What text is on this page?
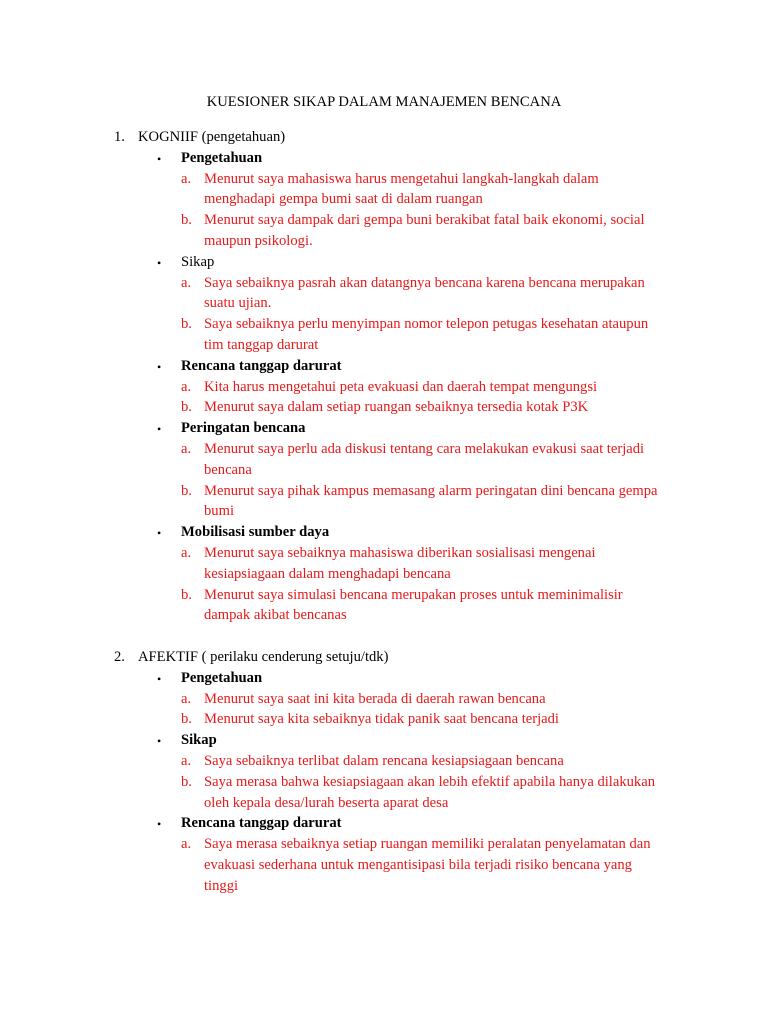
KUESIONER SIKAP DALAM MANAJEMEN BENCANA
1. KOGNIIF (pengetahuan)
• Pengetahuan
a. Menurut saya mahasiswa harus mengetahui langkah-langkah dalam
menghadapi gempa bumi saat di dalam ruangan
b. Menurut saya dampak dari gempa buni berakibat fatal baik ekonomi, social
maupun psikologi.
• Sikap
a. Saya sebaiknya pasrah akan datangnya bencana karena bencana merupakan
suatu ujian.
b. Saya sebaiknya perlu menyimpan nomor telepon petugas kesehatan ataupun
tim tanggap darurat
• Rencana tanggap darurat
a. Kita harus mengetahui peta evakuasi dan daerah tempat mengungsi
b. Menurut saya dalam setiap ruangan sebaiknya tersedia kotak P3K
• Peringatan bencana
a. Menurut saya perlu ada diskusi tentang cara melakukan evakusi saat terjadi
bencana
b. Menurut saya pihak kampus memasang alarm peringatan dini bencana gempa
bumi
• Mobilisasi sumber daya
a. Menurut saya sebaiknya mahasiswa diberikan sosialisasi mengenai
kesiapsiagaan dalam menghadapi bencana
b. Menurut saya simulasi bencana merupakan proses untuk meminimalisir
dampak akibat bencanas
2. AFEKTIF ( perilaku cenderung setuju/tdk)
• Pengetahuan
a. Menurut saya saat ini kita berada di daerah rawan bencana
b. Menurut saya kita sebaiknya tidak panik saat bencana terjadi
• Sikap
a. Saya sebaiknya terlibat dalam rencana kesiapsiagaan bencana
b. Saya merasa bahwa kesiapsiagaan akan lebih efektif apabila hanya dilakukan
oleh kepala desa/lurah beserta aparat desa
• Rencana tanggap darurat
a. Saya merasa sebaiknya setiap ruangan memiliki peralatan penyelamatan dan
evakuasi sederhana untuk mengantisipasi bila terjadi risiko bencana yang
tinggi
